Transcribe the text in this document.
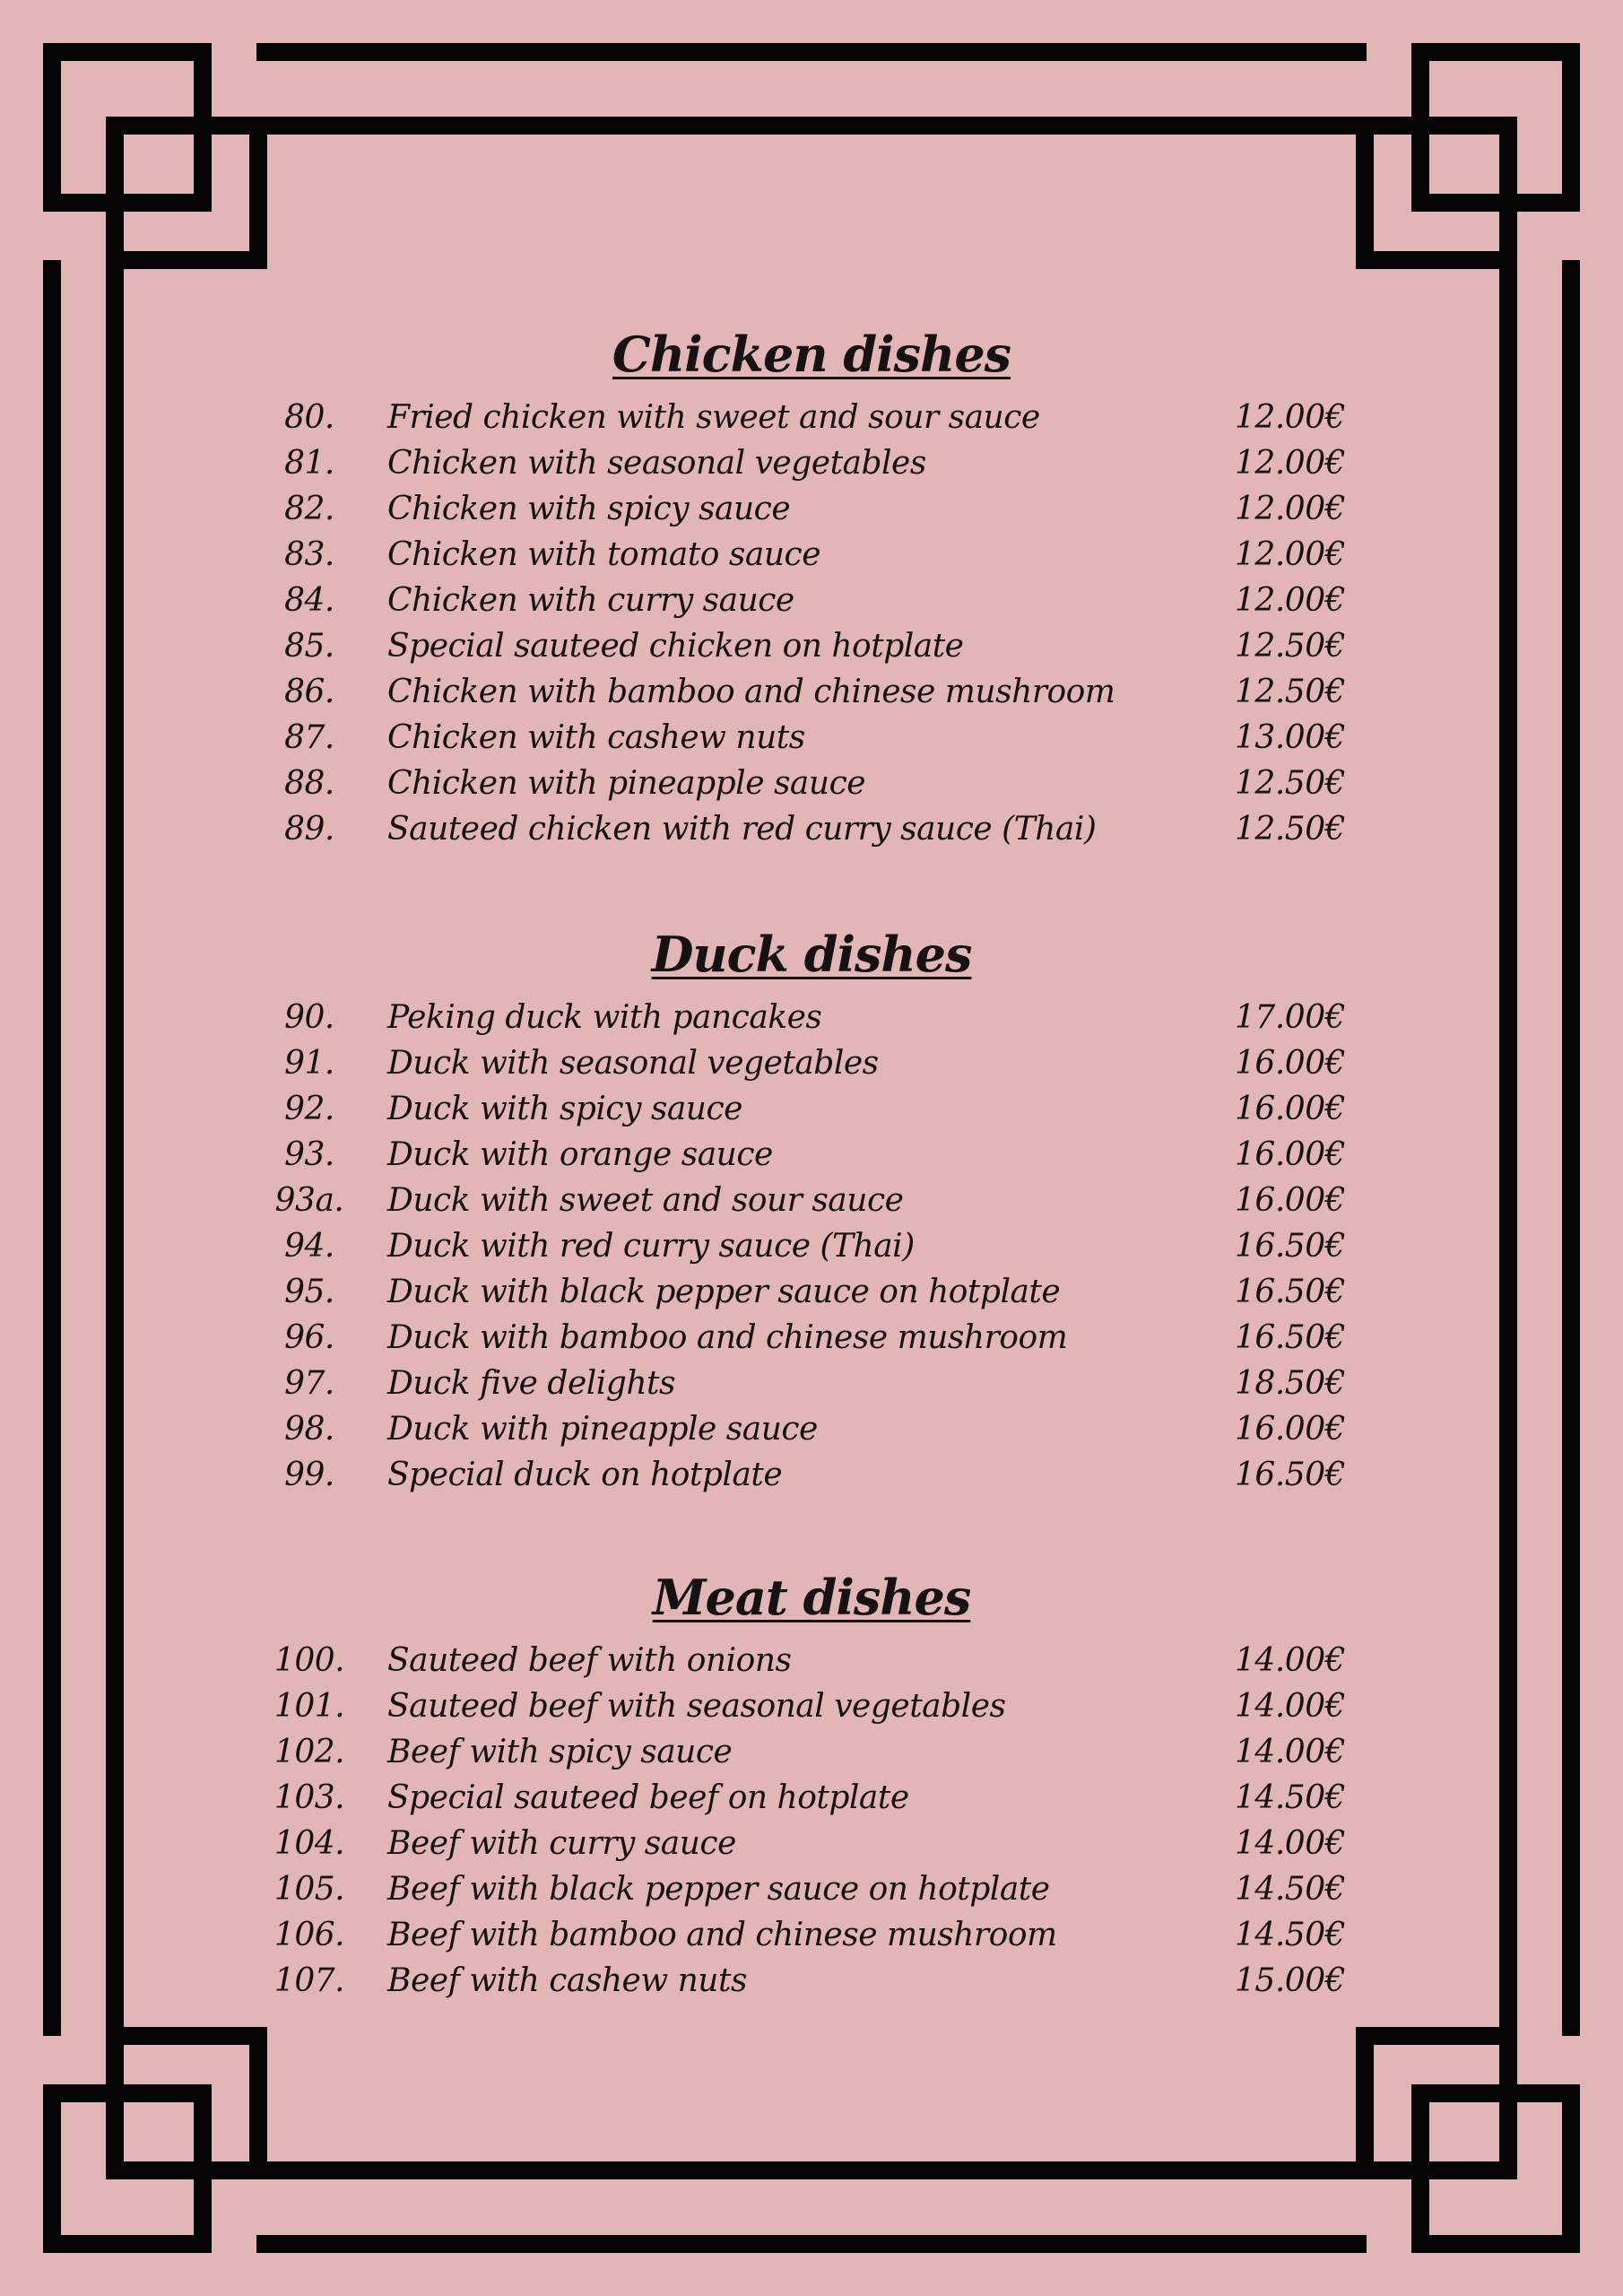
Chicken dishes
80.	Fried chicken with sweet and sour sauce	12.00€
81.	Chicken with seasonal vegetables	12.00€
82.	Chicken with spicy sauce	12.00€
83.	Chicken with tomato sauce	12.00€
84.	Chicken with curry sauce	12.00€
85.	Special sauteed chicken on hotplate	12.50€
86.	Chicken with bamboo and chinese mushroom	12.50€
87.	Chicken with cashew nuts	13.00€
88.	Chicken with pineapple sauce	12.50€
89.	Sauteed chicken with red curry sauce (Thai)	12.50€
Duck dishes
90.	Peking duck with pancakes	17.00€
91.	Duck with seasonal vegetables	16.00€
92.	Duck with spicy sauce	16.00€
93.	Duck with orange sauce	16.00€
93a. Duck with sweet and sour sauce	16.00€
94.	Duck with red curry sauce (Thai)	16.50€
95.	Duck with black pepper sauce on hotplate	16.50€
96.	Duck with bamboo and chinese mushroom	16.50€
97.	Duck five delights	18.50€
98.	Duck with pineapple sauce	16.00€
99.	Special duck on hotplate	16.50€
Meat dishes
100. Sauteed beef with onions	14.00€
101. Sauteed beef with seasonal vegetables	14.00€
102. Beef with spicy sauce	14.00€
103. Special sauteed beef on hotplate	14.50€
104. Beef with curry sauce	14.00€
105. Beef with black pepper sauce on hotplate	14.50€
106. Beef with bamboo and chinese mushroom	14.50€
107. Beef with cashew nuts	15.00€
